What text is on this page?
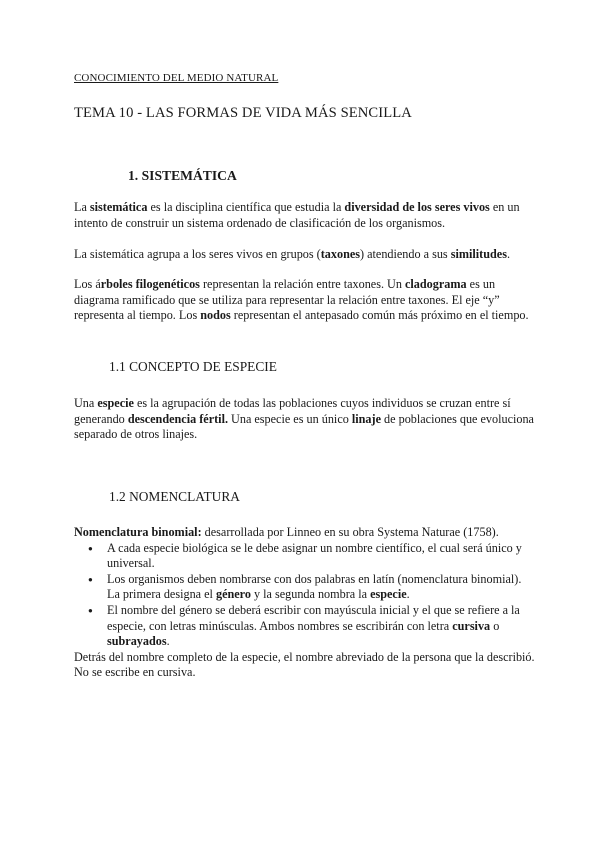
CONOCIMIENTO DEL MEDIO NATURAL
TEMA 10 - LAS FORMAS DE VIDA MÁS SENCILLA
1. SISTEMÁTICA

La sistemática es la disciplina científica que estudia la diversidad de los seres vivos en un intento de construir un sistema ordenado de clasificación de los organismos.

La sistemática agrupa a los seres vivos en grupos (taxones) atendiendo a sus similitudes.

Los árboles filogenéticos representan la relación entre taxones. Un cladograma es un diagrama ramificado que se utiliza para representar la relación entre taxones. El eje “y” representa al tiempo. Los nodos representan el antepasado común más próximo en el tiempo.

1.1 CONCEPTO DE ESPECIE

Una especie es la agrupación de todas las poblaciones cuyos individuos se cruzan entre sí generando descendencia fértil. Una especie es un único linaje de poblaciones que evoluciona separado de otros linajes.

1.2 NOMENCLATURA

Nomenclatura binomial: desarrollada por Linneo en su obra Systema Naturae (1758).

● A cada especie biológica se le debe asignar un nombre científico, el cual será único y universal.
● Los organismos deben nombrarse con dos palabras en latín (nomenclatura binomial). La primera designa el género y la segunda nombra la especie.
● El nombre del género se deberá escribir con mayúscula inicial y el que se refiere a la especie, con letras minúsculas. Ambos nombres se escribirán con letra cursiva o subrayados.

Detrás del nombre completo de la especie, el nombre abreviado de la persona que la describió. No se escribe en cursiva.
